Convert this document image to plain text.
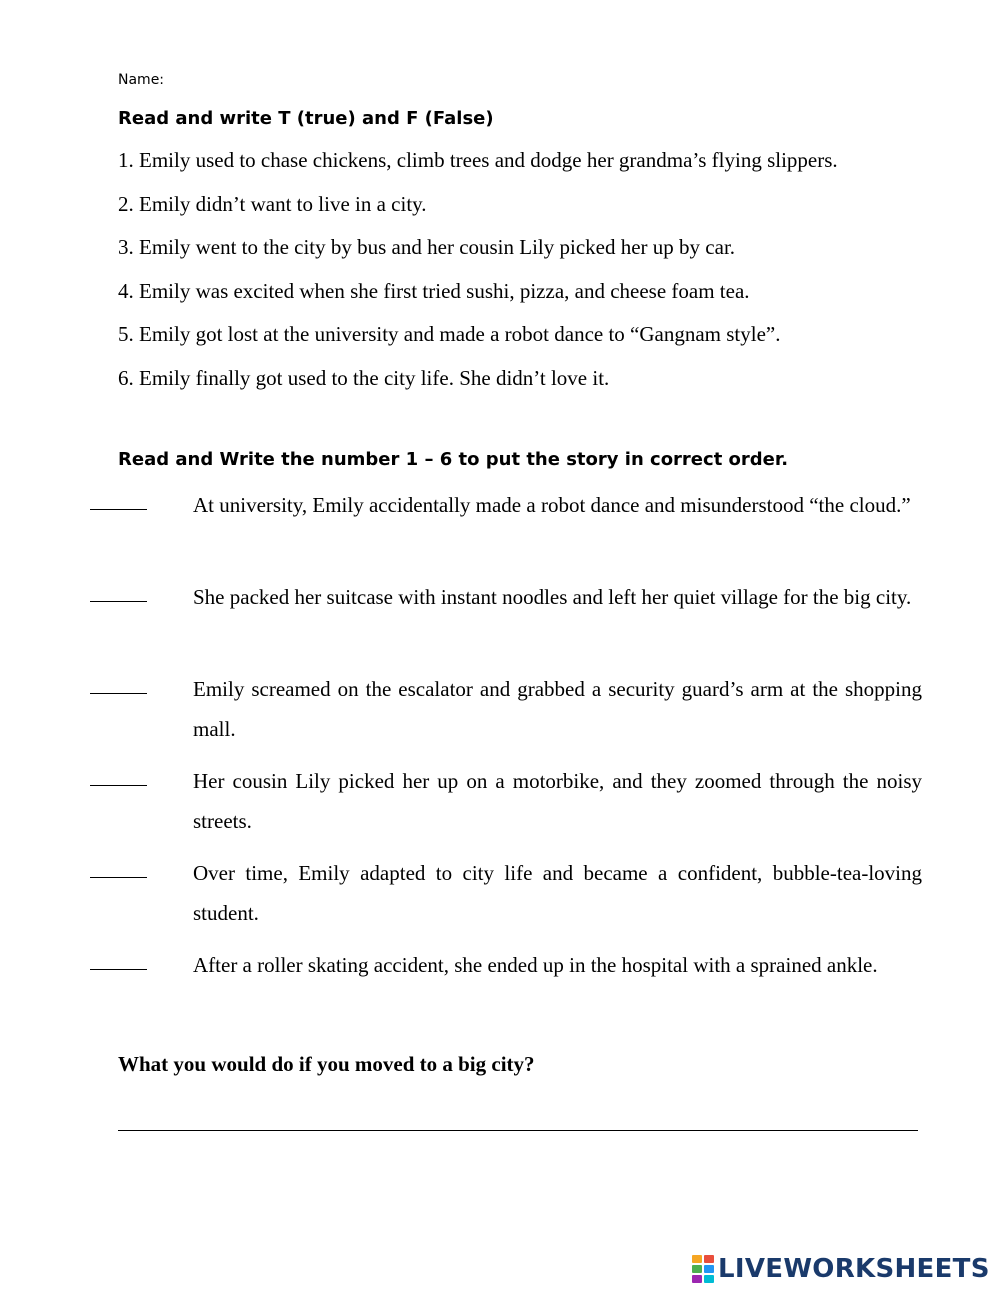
Name:
Read and write T (true) and F (False)
1. Emily used to chase chickens, climb trees and dodge her grandma’s flying slippers.
2. Emily didn’t want to live in a city.
3. Emily went to the city by bus and her cousin Lily picked her up by car.
4. Emily was excited when she first tried sushi, pizza, and cheese foam tea.
5. Emily got lost at the university and made a robot dance to “Gangnam style”.
6. Emily finally got used to the city life. She didn’t love it.
Read and Write the number 1 – 6 to put the story in correct order.
At university, Emily accidentally made a robot dance and misunderstood “the cloud.”
She packed her suitcase with instant noodles and left her quiet village for the big city.
Emily screamed on the escalator and grabbed a security guard’s arm at the shopping mall.
Her cousin Lily picked her up on a motorbike, and they zoomed through the noisy streets.
Over time, Emily adapted to city life and became a confident, bubble-tea-loving student.
After a roller skating accident, she ended up in the hospital with a sprained ankle.
What you would do if you moved to a big city?
LIVEWORKSHEETS
